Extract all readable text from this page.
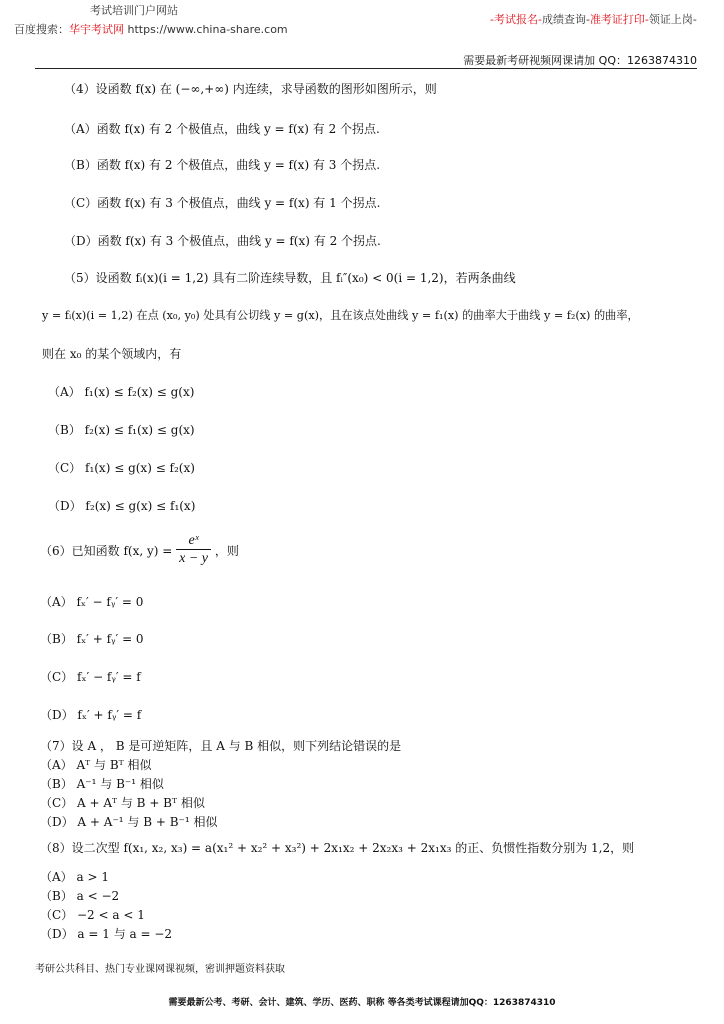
考试培训门户网站
百度搜索：华宇考试网 https://www.china-share.com
-考试报名-成绩查询-准考证打印-领证上岗-
需要最新考研视频网课请加 QQ：1263874310
（4）设函数 f(x) 在 (−∞,+∞) 内连续，求导函数的图形如图所示，则
（A）函数 f(x) 有 2 个极值点，曲线 y = f(x) 有 2 个拐点.
（B）函数 f(x) 有 2 个极值点，曲线 y = f(x) 有 3 个拐点.
（C）函数 f(x) 有 3 个极值点，曲线 y = f(x) 有 1 个拐点.
（D）函数 f(x) 有 3 个极值点，曲线 y = f(x) 有 2 个拐点.
（5）设函数 fᵢ(x)(i = 1,2) 具有二阶连续导数，且 fᵢ″(x₀) < 0(i = 1,2)，若两条曲线
y = fᵢ(x)(i = 1,2) 在点 (x₀, y₀) 处具有公切线 y = g(x)，且在该点处曲线 y = f₁(x) 的曲率大于曲线 y = f₂(x) 的曲率，
则在 x₀ 的某个领域内，有
（A） f₁(x) ≤ f₂(x) ≤ g(x)
（B） f₂(x) ≤ f₁(x) ≤ g(x)
（C） f₁(x) ≤ g(x) ≤ f₂(x)
（D） f₂(x) ≤ g(x) ≤ f₁(x)
（6）已知函数 f(x, $y) = \frac{\text{eˣ}}{x - y}$ ，则
（A） fₓ′ − fᵧ′ = 0
（B） fₓ′ + fᵧ′ = 0
（C） fₓ′ − fᵧ′ = f
（D） fₓ′ + fᵧ′ = f
（7）设 A ， B 是可逆矩阵，且 A 与 B 相似，则下列结论错误的是
（A） Aᵀ 与 Bᵀ 相似
（B） A⁻¹ 与 B⁻¹ 相似
（C） A + Aᵀ 与 B + Bᵀ 相似
（D） A + A⁻¹ 与 B + B⁻¹ 相似
（8）设二次型 f(x₁, x₂, x₃) = a(x₁² + x₂² + x₃²) + 2x₁x₂ + 2x₂x₃ + 2x₁x₃ 的正、负惯性指数分别为 1,2，则
（A） a > 1
（B） a < −2
（C） −2 < a < 1
（D） a = 1 与 a = −2
考研公共科目、热门专业课网课视频，密训押题资料获取
需要最新公考、考研、会计、建筑、学历、医药、职称 等各类考试课程请加QQ：1263874310
